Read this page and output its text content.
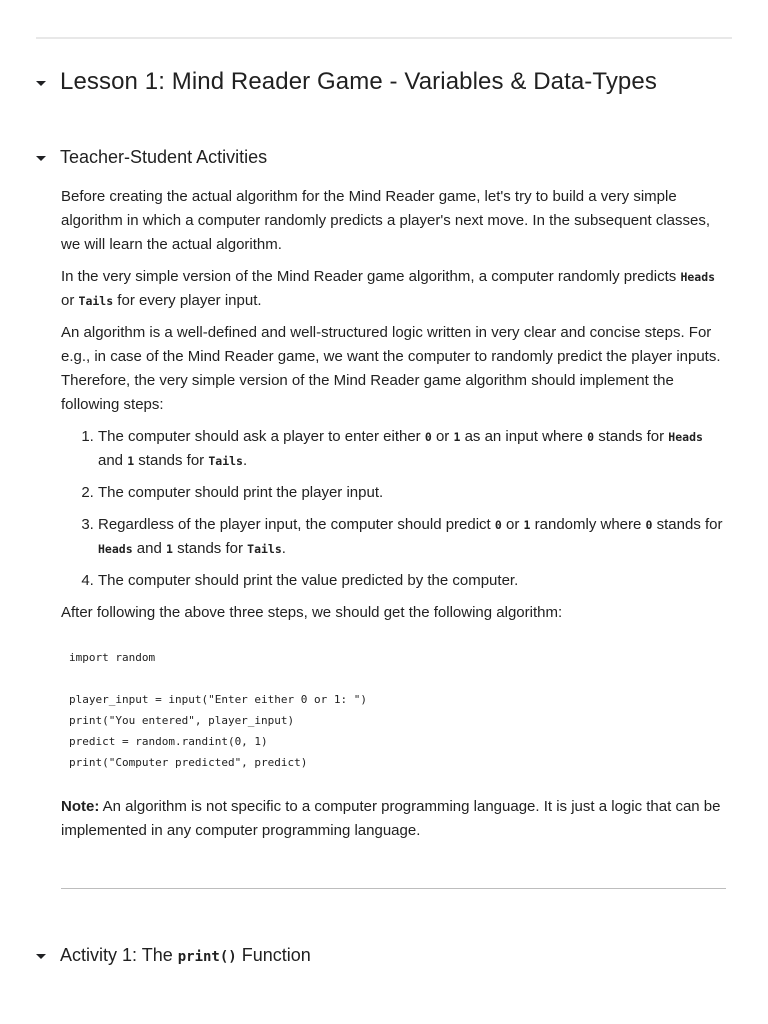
Lesson 1: Mind Reader Game - Variables & Data-Types
Teacher-Student Activities

Before creating the actual algorithm for the Mind Reader game, let's try to build a very simple algorithm in which a computer randomly predicts a player's next move. In the subsequent classes, we will learn the actual algorithm.

In the very simple version of the Mind Reader game algorithm, a computer randomly predicts Heads or Tails for every player input.

An algorithm is a well-defined and well-structured logic written in very clear and concise steps. For e.g., in case of the Mind Reader game, we want the computer to randomly predict the player inputs. Therefore, the very simple version of the Mind Reader game algorithm should implement the following steps:

1. The computer should ask a player to enter either 0 or 1 as an input where 0 stands for Heads and 1 stands for Tails.
2. The computer should print the player input.
3. Regardless of the player input, the computer should predict 0 or 1 randomly where 0 stands for Heads and 1 stands for Tails.
4. The computer should print the value predicted by the computer.

After following the above three steps, we should get the following algorithm:

import random

player_input = input("Enter either 0 or 1: ")
print("You entered", player_input)
predict = random.randint(0, 1)
print("Computer predicted", predict)

Note: An algorithm is not specific to a computer programming language. It is just a logic that can be implemented in any computer programming language.

Activity 1: The print() Function
